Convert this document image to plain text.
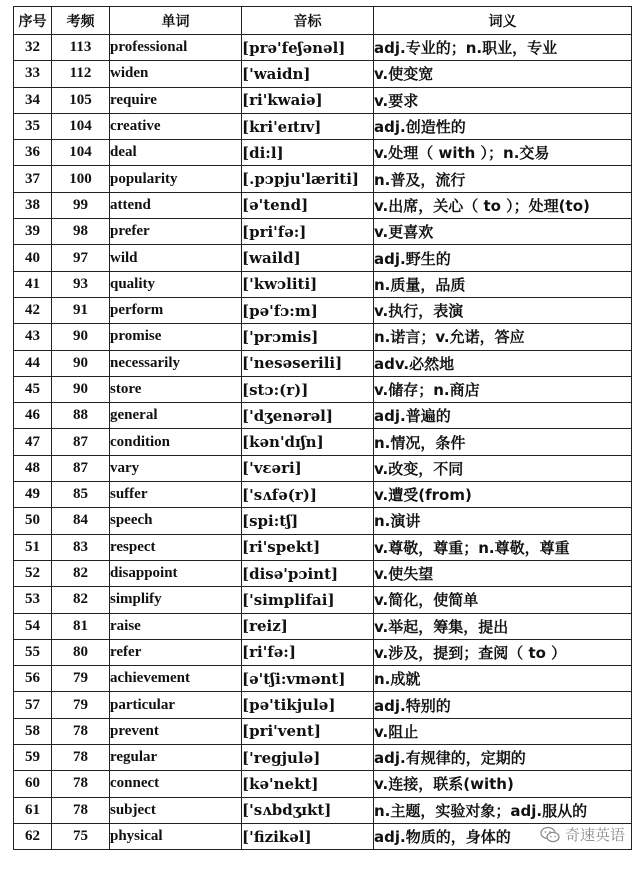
序号	考频	单词	音标	词义
32	113	professional	[prə'feʃənəl]	adj.专业的；n.职业，专业
33	112	widen	['waidn]	v.使变宽
34	105	require	[ri'kwaiə]	v.要求
35	104	creative	[kri'eɪtɪv]	adj.创造性的
36	104	deal	[di:l]	v.处理（ with ）；n.交易
37	100	popularity	[.pɔpju'læriti]	n.普及，流行
38	99	attend	[ə'tend]	v.出席，关心（ to ）；处理(to)
39	98	prefer	[pri'fə:]	v.更喜欢
40	97	wild	[waild]	adj.野生的
41	93	quality	['kwɔliti]	n.质量，品质
42	91	perform	[pə'fɔ:m]	v.执行，表演
43	90	promise	['prɔmis]	n.诺言；v.允诺，答应
44	90	necessarily	['nesəserili]	adv.必然地
45	90	store	[stɔ:(r)]	v.储存；n.商店
46	88	general	['dʒenərəl]	adj.普遍的
47	87	condition	[kən'dɪʃn]	n.情况，条件
48	87	vary	['vɛəri]	v.改变，不同
49	85	suffer	['sʌfə(r)]	v.遭受(from)
50	84	speech	[spi:tʃ]	n.演讲
51	83	respect	[ri'spekt]	v.尊敬，尊重；n.尊敬，尊重
52	82	disappoint	[disə'pɔint]	v.使失望
53	82	simplify	['simplifai]	v.简化，使简单
54	81	raise	[reiz]	v.举起，筹集，提出
55	80	refer	[ri'fə:]	v.涉及，提到；查阅（ to ）
56	79	achievement	[ə'tʃi:vmənt]	n.成就
57	79	particular	[pə'tikjulə]	adj.特别的
58	78	prevent	[pri'vent]	v.阻止
59	78	regular	['regjulə]	adj.有规律的，定期的
60	78	connect	[kə'nekt]	v.连接，联系(with)
61	78	subject	['sʌbdʒɪkt]	n.主题，实验对象；adj.服从的
62	75	physical	['fizikəl]	adj.物质的，身体的	奇速英语
